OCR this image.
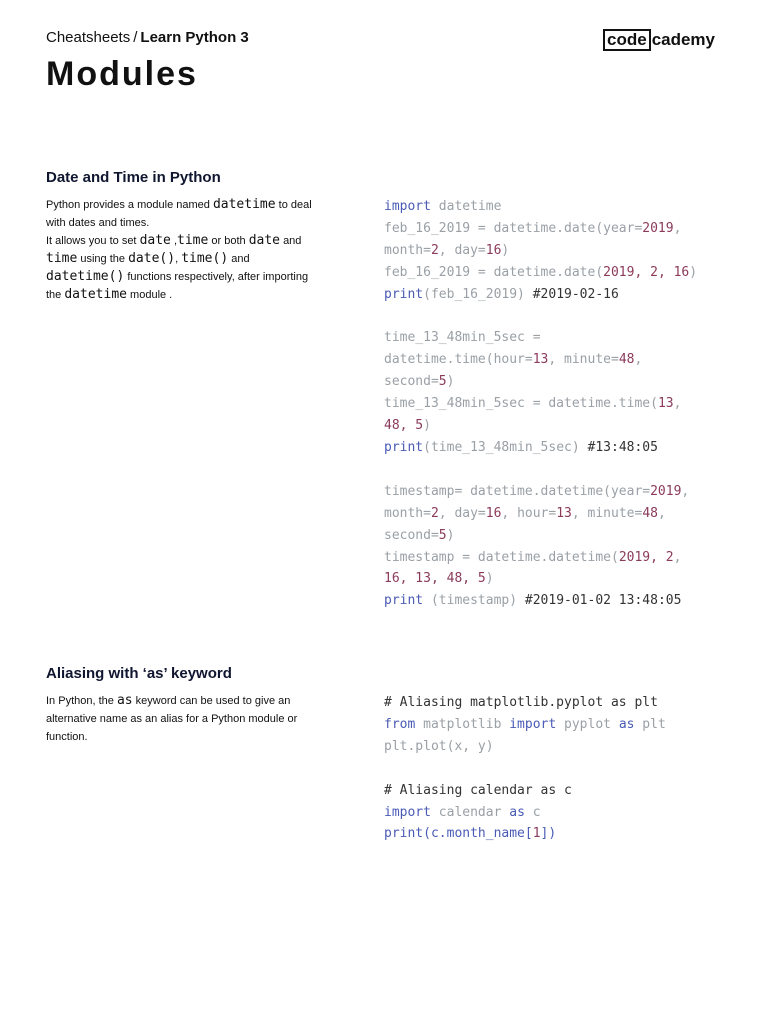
Cheatsheets / Learn Python 3
Modules
code cademy
Date and Time in Python
Python provides a module named datetime to deal with dates and times.
It allows you to set date ,time or both date and time using the date(), time() and datetime() functions respectively, after importing the datetime module .
import datetime
feb_16_2019 = datetime.date(year=2019,
month=2, day=16)
feb_16_2019 = datetime.date(2019, 2, 16)
print(feb_16_2019) #2019-02-16

time_13_48min_5sec =
datetime.time(hour=13, minute=48,
second=5)
time_13_48min_5sec = datetime.time(13,
48, 5)
print(time_13_48min_5sec) #13:48:05

timestamp= datetime.datetime(year=2019,
month=2, day=16, hour=13, minute=48,
second=5)
timestamp = datetime.datetime(2019, 2,
16, 13, 48, 5)
print (timestamp) #2019-01-02 13:48:05
Aliasing with ‘as’ keyword
In Python, the as keyword can be used to give an alternative name as an alias for a Python module or function.
# Aliasing matplotlib.pyplot as plt
from matplotlib import pyplot as plt
plt.plot(x, y)

# Aliasing calendar as c
import calendar as c
print(c.month_name[1])
